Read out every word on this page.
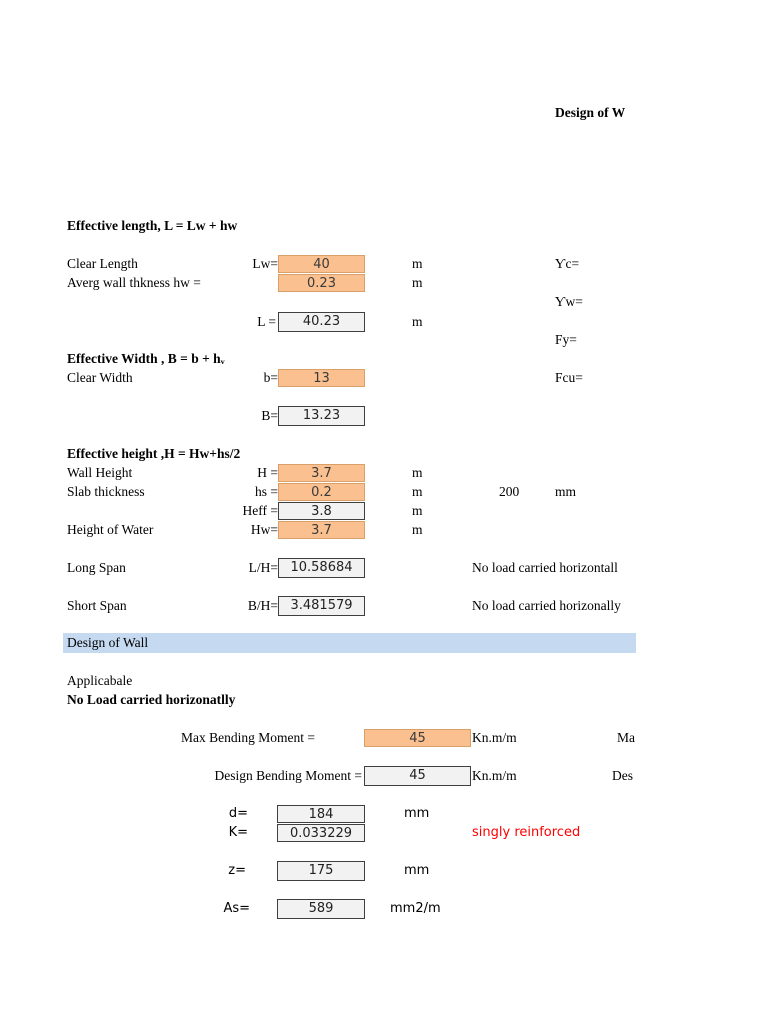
Design of W
Effective length, L = Lw + hw
Clear Length	Lw=	40	m	Ƴc=
Averg wall thkness hw =	0.23	m
Ƴw=
L =	40.23	m
Fy=
Effective Width , B = b + hᵥ
Clear Width	b=	13	Fcu=
B=	13.23
Effective height ,H = Hw+hs/2
Wall Height	H =	3.7	m
Slab thickness	hs =	0.2	m	200	mm
Heff =	3.8	m
Height of Water	Hw=	3.7	m
Long Span	L/H= 10.58684	No load carried horizontall
Short Span	B/H= 3.481579	No load carried horizonally
Design of Wall
Applicabale
No Load carried horizonatlly
Max Bending Moment =	45	Kn.m/m	Ma
Design Bending Moment =	45	Kn.m/m	Des
d=	184	mm
K=	0.033229	singly reinforced
z=	175	mm
As=	589	mm2/m
